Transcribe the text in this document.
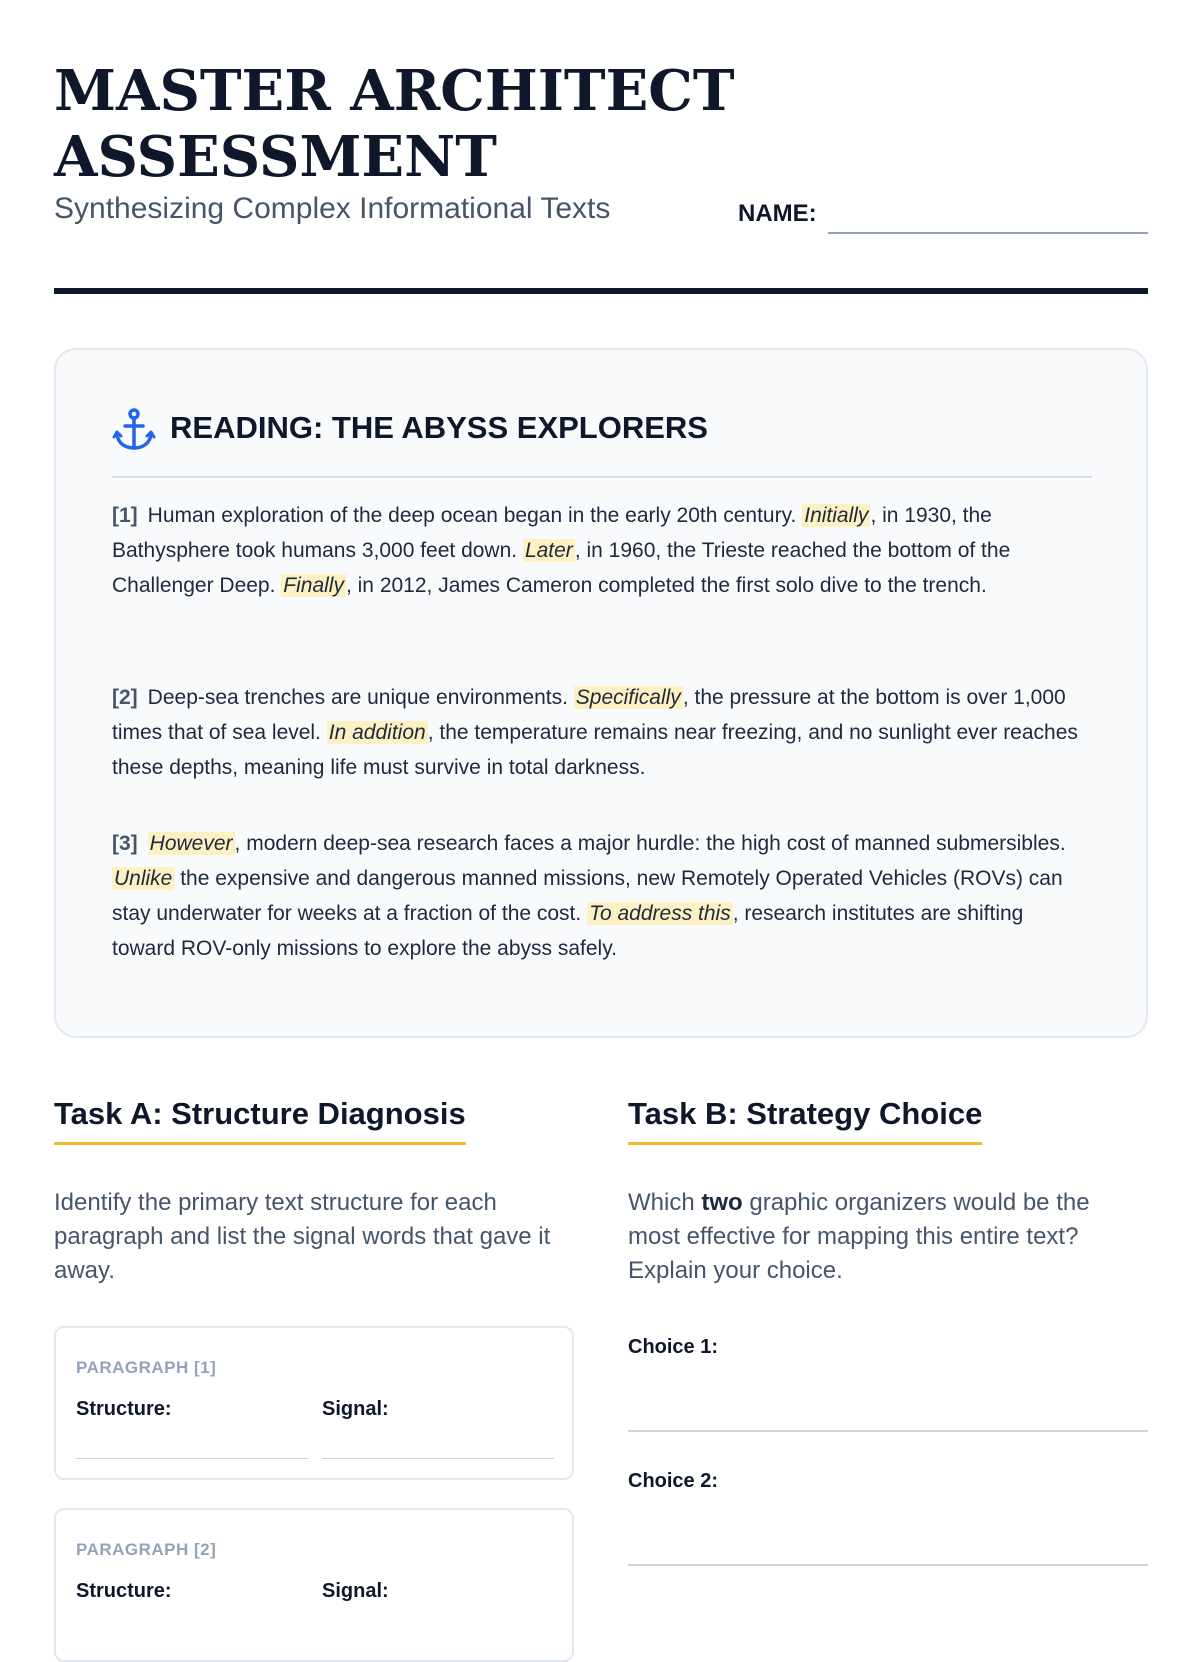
MASTER ARCHITECT
ASSESSMENT
Synthesizing Complex Informational Texts	NAME:
READING: THE ABYSS EXPLORERS

[1] Human exploration of the deep ocean began in the early 20th century. Initially, in 1930, the Bathysphere took humans 3,000 feet down. Later, in 1960, the Trieste reached the bottom of the Challenger Deep. Finally, in 2012, James Cameron completed the first solo dive to the trench.

[2] Deep-sea trenches are unique environments. Specifically, the pressure at the bottom is over 1,000 times that of sea level. In addition, the temperature remains near freezing, and no sunlight ever reaches these depths, meaning life must survive in total darkness.

[3] However, modern deep-sea research faces a major hurdle: the high cost of manned submersibles. Unlike the expensive and dangerous manned missions, new Remotely Operated Vehicles (ROVs) can stay underwater for weeks at a fraction of the cost. To address this, research institutes are shifting toward ROV-only missions to explore the abyss safely.

Task A: Structure Diagnosis
Identify the primary text structure for each paragraph and list the signal words that gave it away.
PARAGRAPH [1]
Structure:	Signal:
PARAGRAPH [2]
Structure:	Signal:
Task B: Strategy Choice
Which two graphic organizers would be the most effective for mapping this entire text? Explain your choice.
Choice 1:
Choice 2:
